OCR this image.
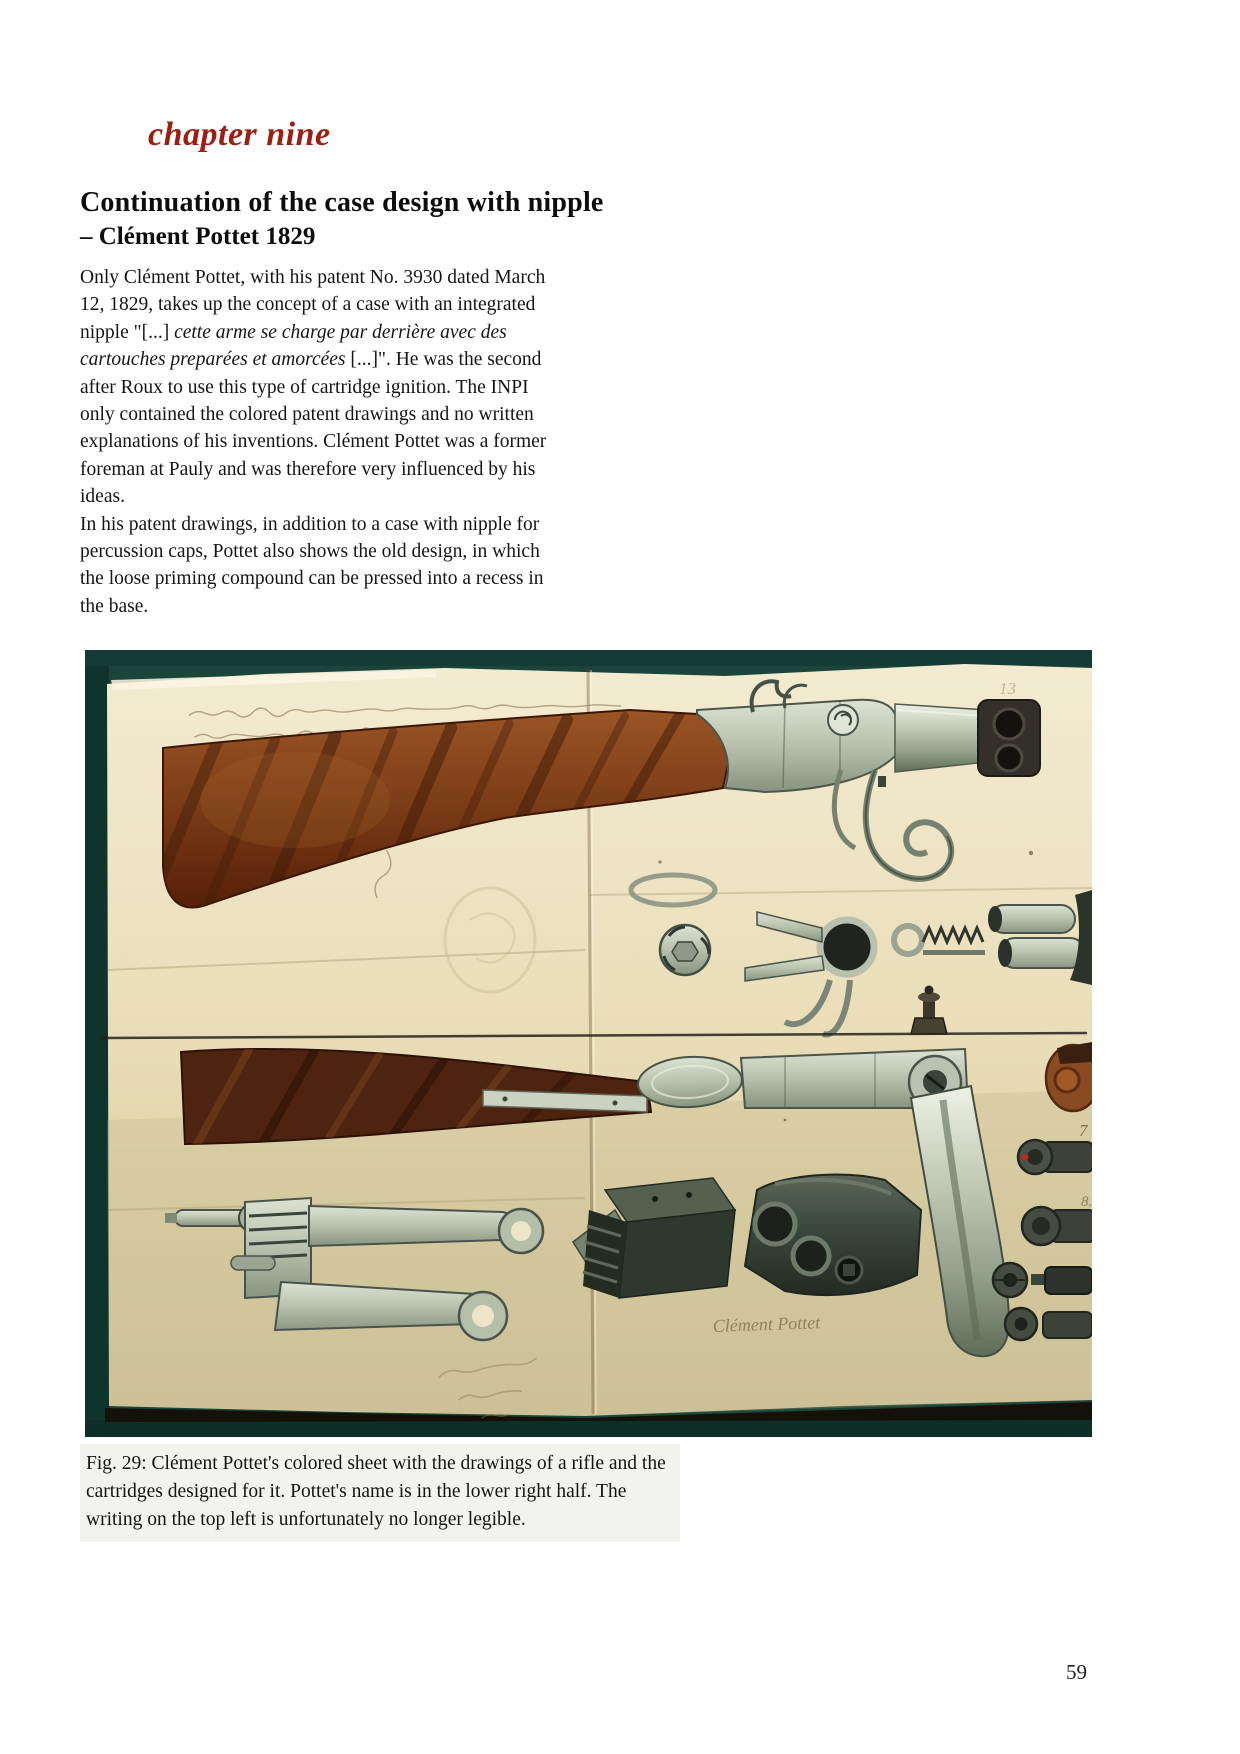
chapter nine
Continuation of the case design with nipple
– Clément Pottet 1829

Only Clément Pottet, with his patent No. 3930 dated March 12, 1829, takes up the concept of a case with an integrated nipple "[...] cette arme se charge par derrière avec des cartouches preparées et amorcées [...]". He was the second after Roux to use this type of cartridge ignition. The INPI only contained the colored patent drawings and no written explanations of his inventions. Clément Pottet was a former foreman at Pauly and was therefore very influenced by his ideas.

In his patent drawings, in addition to a case with nipple for percussion caps, Pottet also shows the old design, in which the loose priming compound can be pressed into a recess in the base.

7
8.
Clément Pottet
13
Fig. 29: Clément Pottet's colored sheet with the drawings of a rifle and the cartridges designed for it. Pottet's name is in the lower right half. The writing on the top left is unfortunately no longer legible.
59
